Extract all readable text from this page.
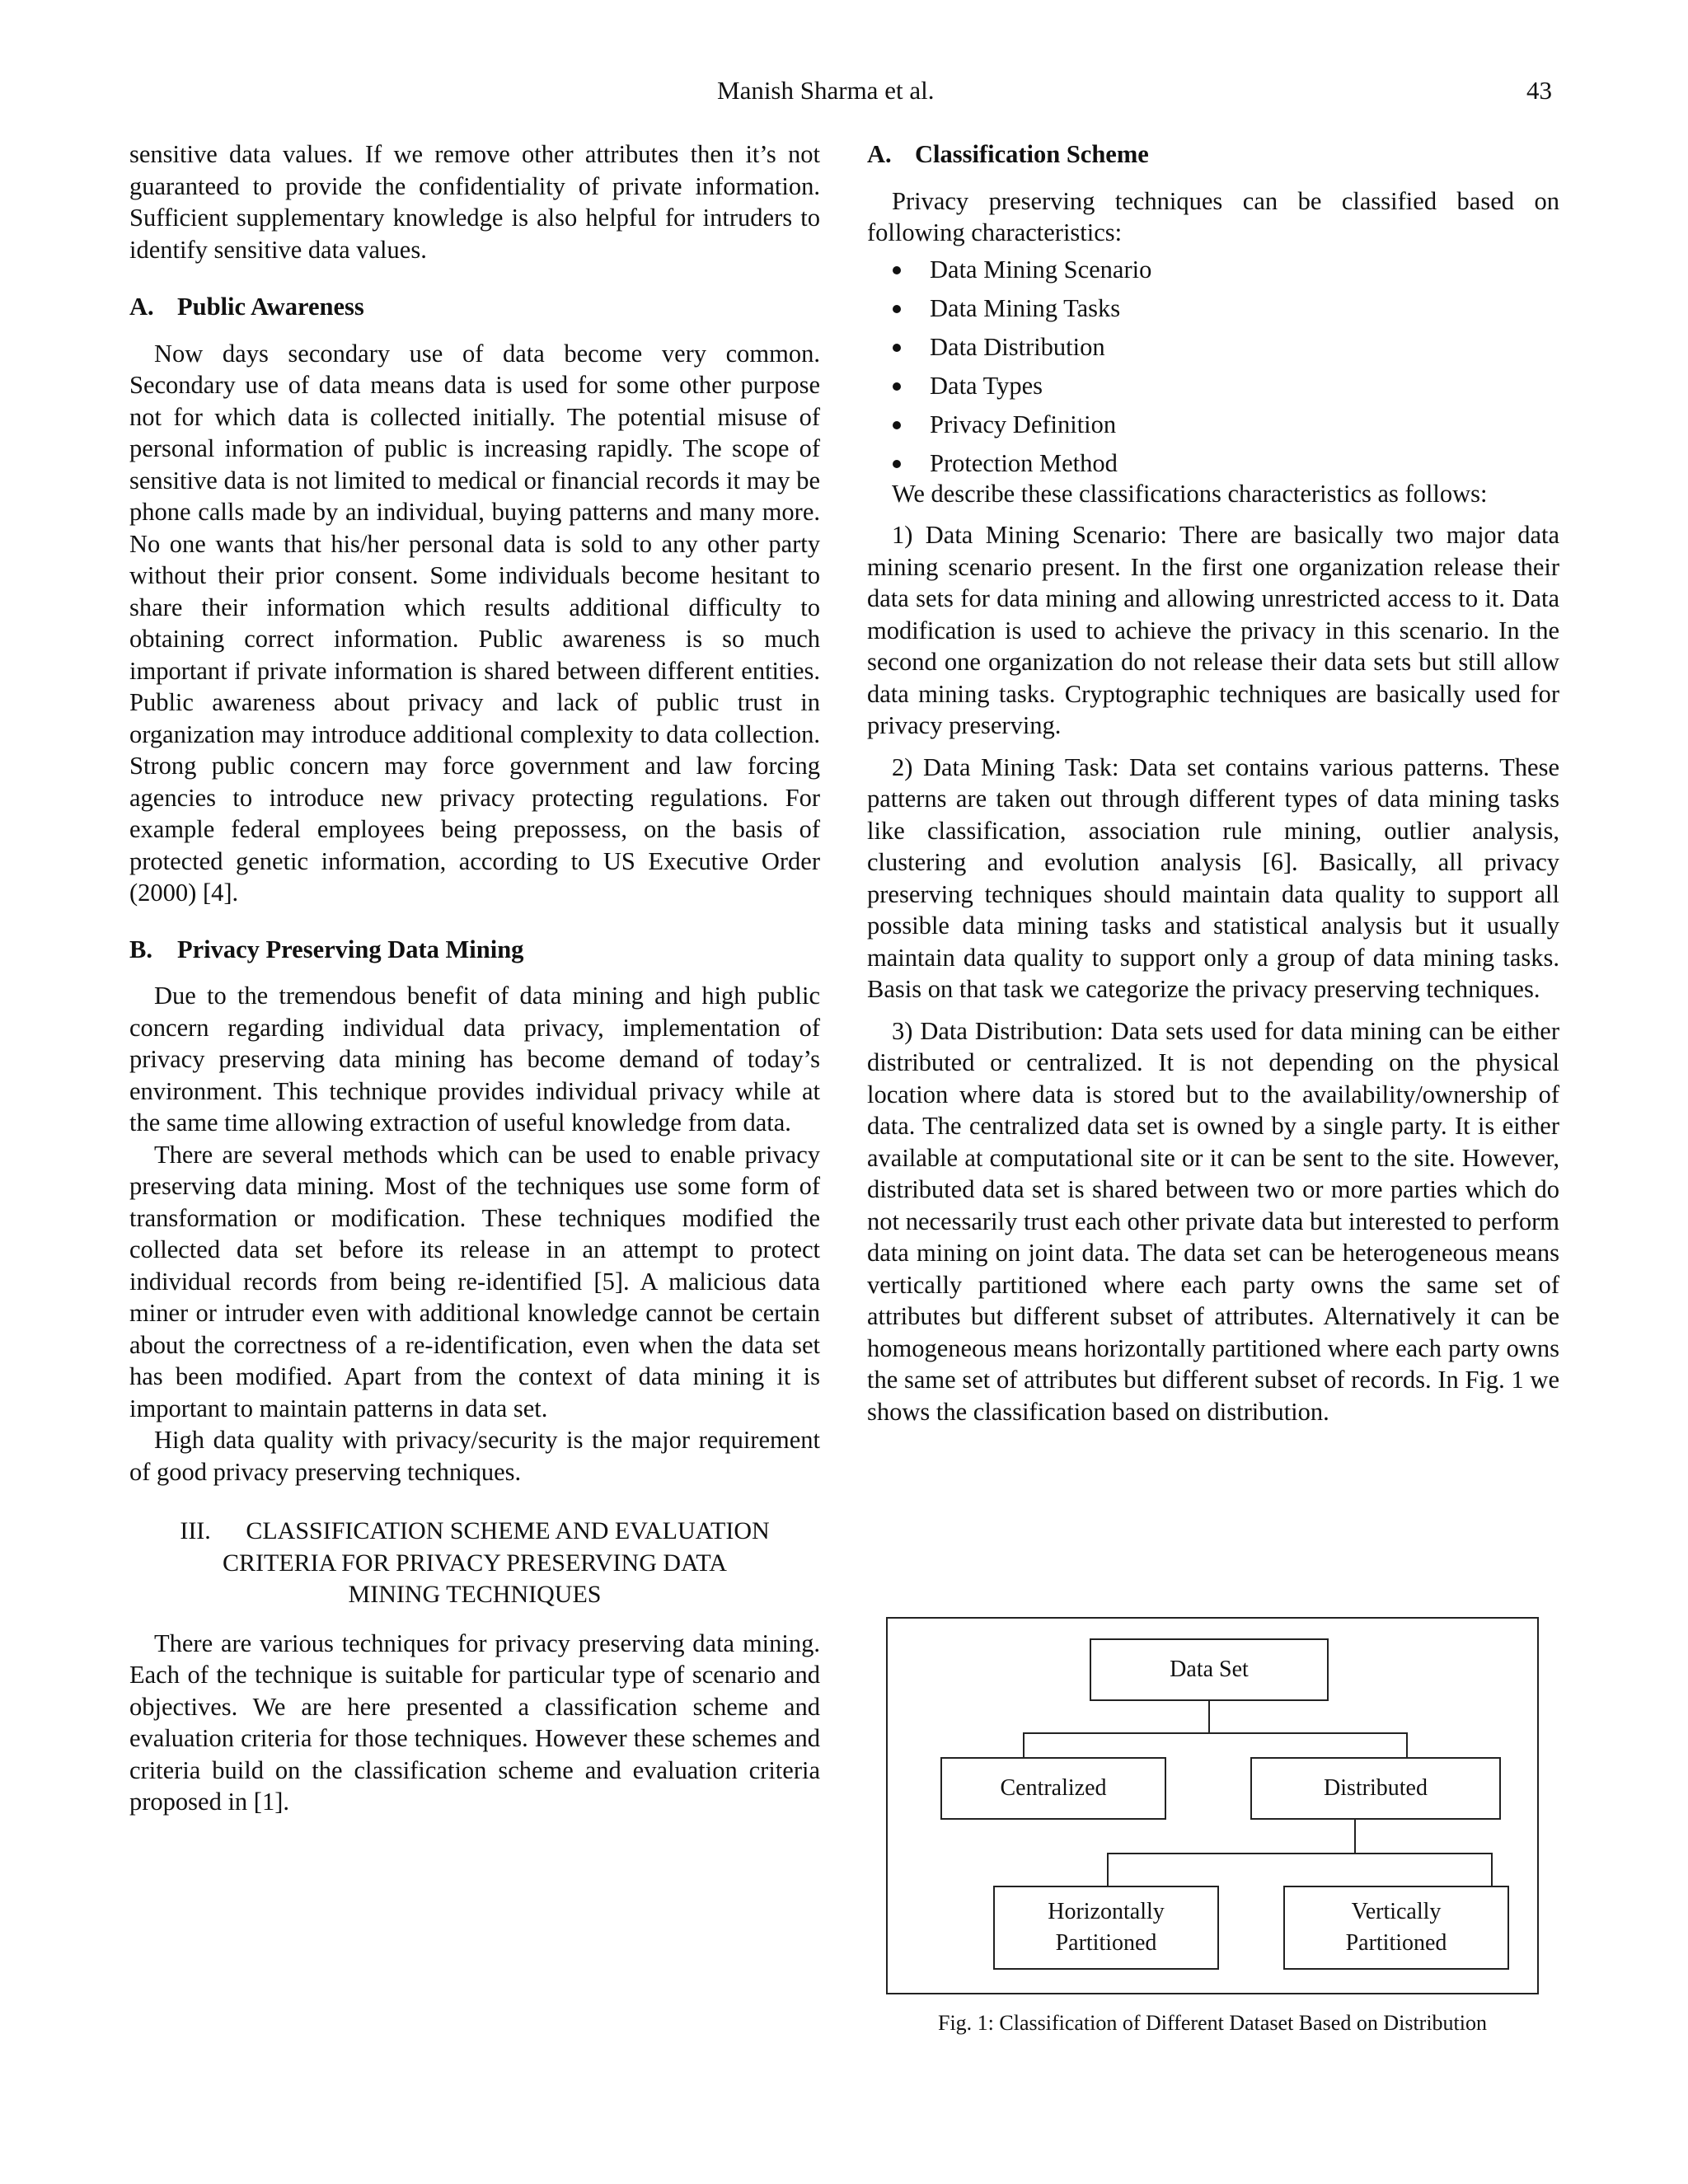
Manish Sharma et al.	43

sensitive data values. If we remove other attributes then it’s not guaranteed to provide the confidentiality of private information. Sufficient supplementary knowledge is also helpful for intruders to identify sensitive data values.

A. Public Awareness

Now days secondary use of data become very common. Secondary use of data means data is used for some other purpose not for which data is collected initially. The potential misuse of personal information of public is increasing rapidly. The scope of sensitive data is not limited to medical or financial records it may be phone calls made by an individual, buying patterns and many more. No one wants that his/her personal data is sold to any other party without their prior consent. Some individuals become hesitant to share their information which results additional difficulty to obtaining correct information. Public awareness is so much important if private information is shared between different entities. Public awareness about privacy and lack of public trust in organization may introduce additional complexity to data collection. Strong public concern may force government and law forcing agencies to introduce new privacy protecting regulations. For example federal employees being prepossess, on the basis of protected genetic information, according to US Executive Order (2000) [4].

B. Privacy Preserving Data Mining

Due to the tremendous benefit of data mining and high public concern regarding individual data privacy, implementation of privacy preserving data mining has become demand of today’s environment. This technique provides individual privacy while at the same time allowing extraction of useful knowledge from data.

There are several methods which can be used to enable privacy preserving data mining. Most of the techniques use some form of transformation or modification. These techniques modified the collected data set before its release in an attempt to protect individual records from being re-identified [5]. A malicious data miner or intruder even with additional knowledge cannot be certain about the correctness of a re-identification, even when the data set has been modified. Apart from the context of data mining it is important to maintain patterns in data set.

High data quality with privacy/security is the major requirement of good privacy preserving techniques.

III. CLASSIFICATION SCHEME AND EVALUATION

CRITERIA FOR PRIVACY PRESERVING DATA

MINING TECHNIQUES

There are various techniques for privacy preserving data mining. Each of the technique is suitable for particular type of scenario and objectives. We are here presented a classification scheme and evaluation criteria for those techniques. However these schemes and criteria build on the classification scheme and evaluation criteria proposed in [1].

A. Classification Scheme

Privacy preserving techniques can be classified based on following characteristics:

Data Mining Scenario
Data Mining Tasks
Data Distribution
Data Types
Privacy Definition
Protection Method

We describe these classifications characteristics as follows:

1) Data Mining Scenario: There are basically two major data mining scenario present. In the first one organization release their data sets for data mining and allowing unrestricted access to it. Data modification is used to achieve the privacy in this scenario. In the second one organization do not release their data sets but still allow data mining tasks. Cryptographic techniques are basically used for privacy preserving.

2) Data Mining Task: Data set contains various patterns. These patterns are taken out through different types of data mining tasks like classification, association rule mining, outlier analysis, clustering and evolution analysis [6]. Basically, all privacy preserving techniques should maintain data quality to support all possible data mining tasks and statistical analysis but it usually maintain data quality to support only a group of data mining tasks. Basis on that task we categorize the privacy preserving techniques.

3) Data Distribution: Data sets used for data mining can be either distributed or centralized. It is not depending on the physical location where data is stored but to the availability/ownership of data. The centralized data set is owned by a single party. It is either available at computational site or it can be sent to the site. However, distributed data set is shared between two or more parties which do not necessarily trust each other private data but interested to perform data mining on joint data. The data set can be heterogeneous means vertically partitioned where each party owns the same set of attributes but different subset of attributes. Alternatively it can be homogeneous means horizontally partitioned where each party owns the same set of attributes but different subset of records. In Fig. 1 we shows the classification based on distribution.

Data Set
Centralized	Distributed
Horizontally
Partitioned
Vertically
Partitioned
Fig. 1: Classification of Different Dataset Based on Distribution
